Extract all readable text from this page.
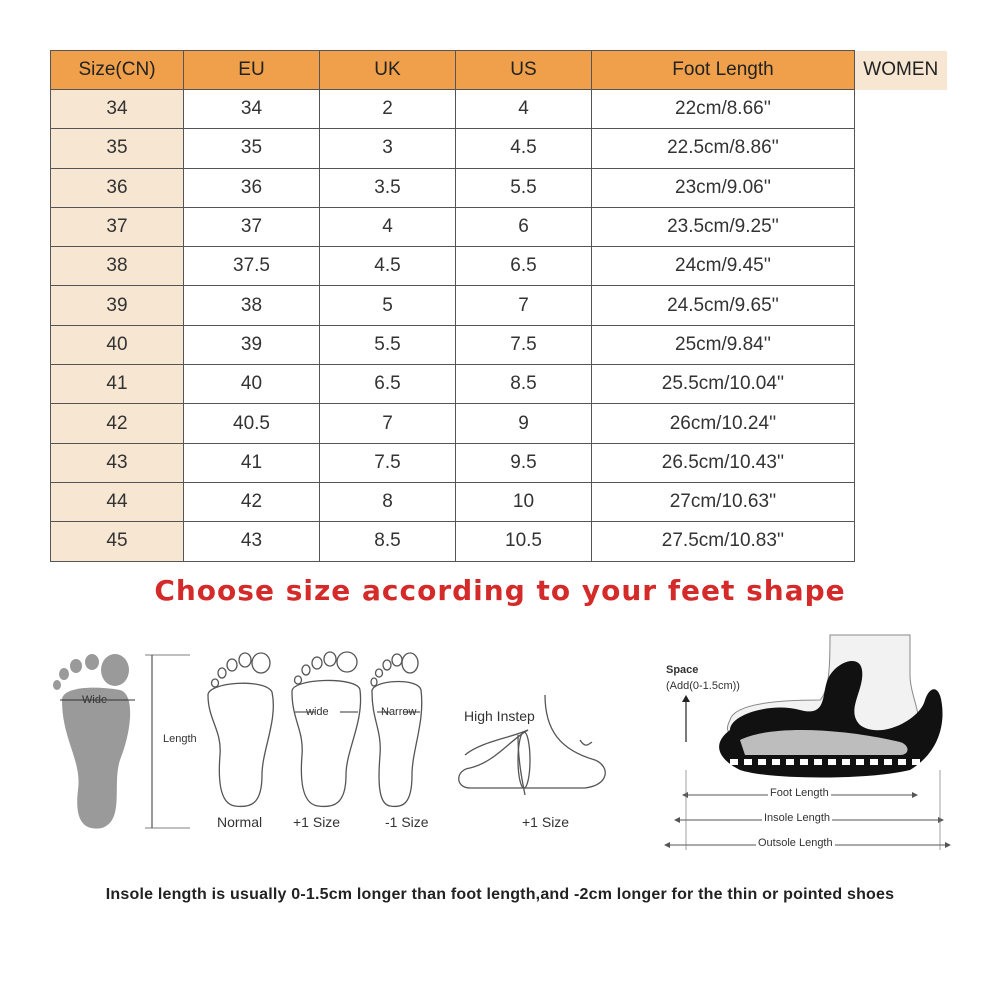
Size(CN)	EU	UK	US	Foot Length	WOMEN
34	34	2	4	22cm/8.66''	
35	35	3	4.5	22.5cm/8.86''	
36	36	3.5	5.5	23cm/9.06''	
37	37	4	6	23.5cm/9.25''	
38	37.5	4.5	6.5	24cm/9.45''	
39	38	5	7	24.5cm/9.65''	
40	39	5.5	7.5	25cm/9.84''	
41	40	6.5	8.5	25.5cm/10.04''	
42	40.5	7	9	26cm/10.24''	
43	41	7.5	9.5	26.5cm/10.43''	
44	42	8	10	27cm/10.63''	
45	43	8.5	10.5	27.5cm/10.83''	
Choose size according to your feet shape
Wide
Length
Normal
wide
+1 Size
Narrow
-1 Size
High Instep
+1 Size
Space
(Add(0-1.5cm))
Foot Length
Insole Length
Outsole Length
Insole length is usually 0-1.5cm longer than foot length,and -2cm longer for the thin or pointed shoes
